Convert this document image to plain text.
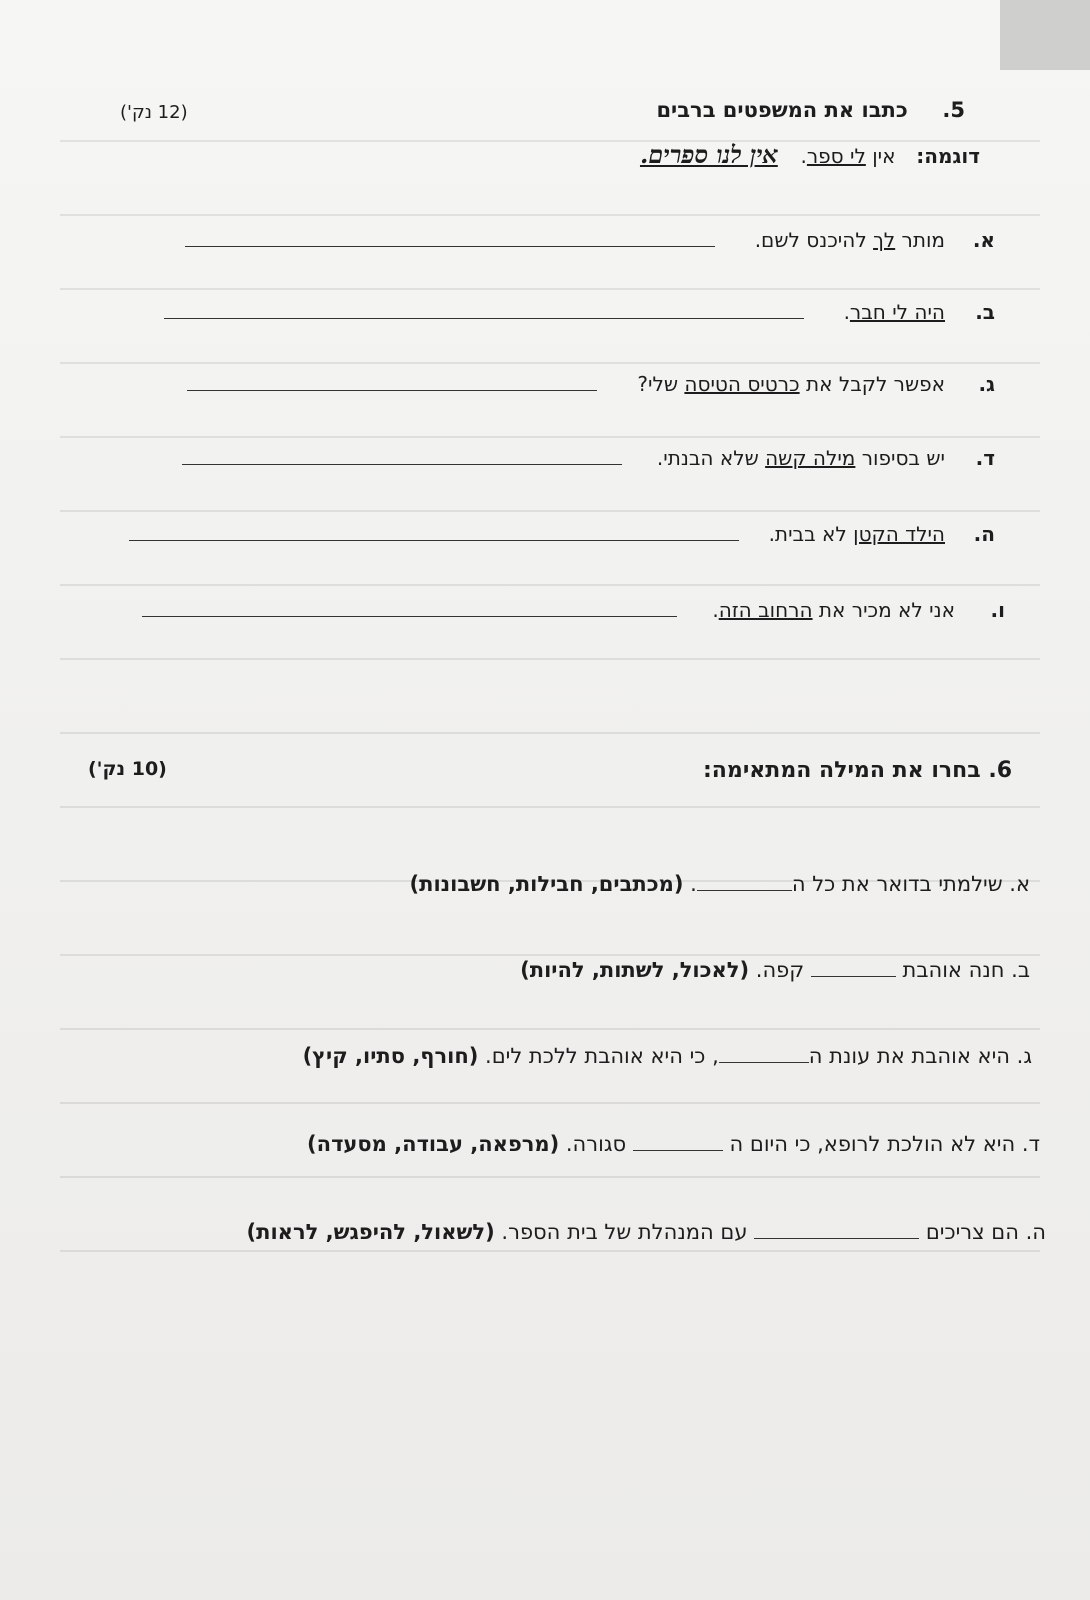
5.  כתבו את המשפטים ברבים
(12 נק')
דוגמה:  אין לי ספר.  אין לנו ספרים.
א.
מותר לך להיכנס לשם.
ב.
היה לי חבר.
ג.
אפשר לקבל את כרטיס הטיסה שלי?
ד.
יש בסיפור מילה קשה שלא הבנתי.
ה.
הילד הקטן לא בבית.
ו.
אני לא מכיר את הרחוב הזה.
6. בחרו את המילה המתאימה:
(10 נק')
א. שילמתי בדואר את כל ה. (מכתבים, חבילות, חשבונות)
ב. חנה אוהבת  קפה. (לאכול, לשתות, להיות)
ג. היא אוהבת את עונת ה, כי היא אוהבת ללכת לים. (חורף, סתיו, קיץ)
ד. היא לא הולכת לרופא, כי היום ה  סגורה. (מרפאה, עבודה, מסעדה)
ה. הם צריכים  עם המנהלת של בית הספר. (לשאול, להיפגש, לראות)
